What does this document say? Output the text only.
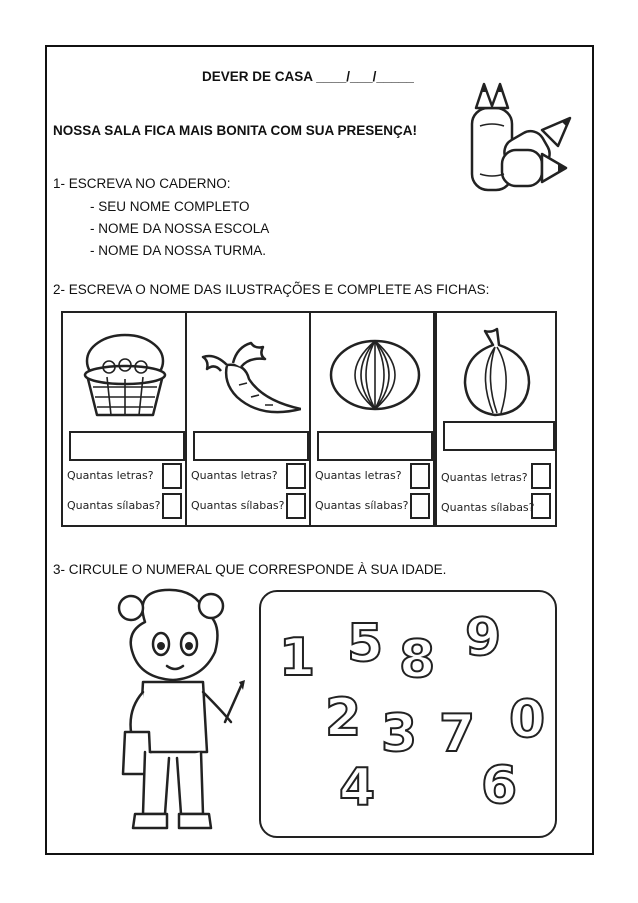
DEVER DE CASA ____/___/_____
NOSSA SALA FICA MAIS BONITA COM SUA PRESENÇA!
1- ESCREVA NO CADERNO:
- SEU NOME COMPLETO
- NOME DA NOSSA ESCOLA
- NOME DA NOSSA TURMA.
2- ESCREVA O NOME DAS ILUSTRAÇÕES E COMPLETE AS FICHAS:
Quantas letras?
Quantas sílabas?
Quantas letras?
Quantas sílabas?
Quantas letras?
Quantas sílabas?
Quantas letras?
Quantas sílabas?
3- CIRCULE O NUMERAL QUE CORRESPONDE À SUA IDADE.
1 5 8 9
2 3 7 0
4 6
